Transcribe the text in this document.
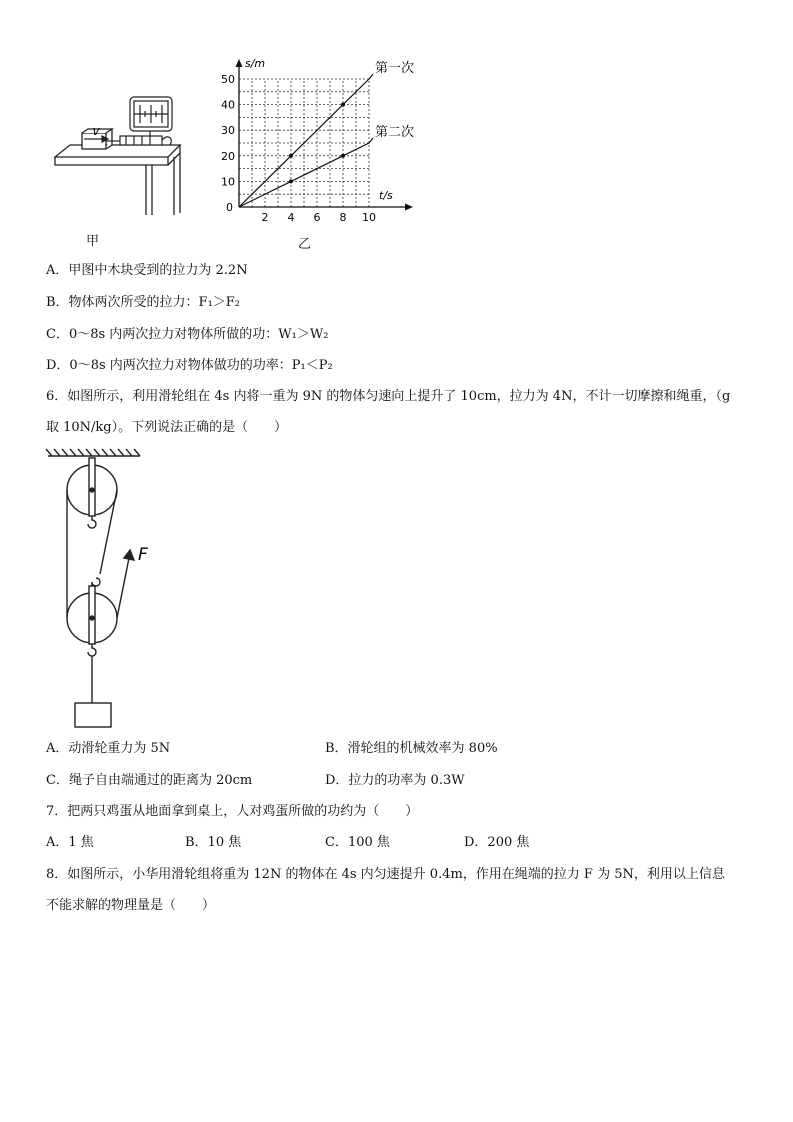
v
甲
2 4 6 8 10
10
20
30
40
50
0
s/m
t/s
第一次
第二次
乙
A．甲图中木块受到的拉力为 2.2N
B．物体两次所受的拉力：F₁＞F₂
C．0～8s 内两次拉力对物体所做的功：W₁＞W₂
D．0～8s 内两次拉力对物体做功的功率：P₁＜P₂
6．如图所示，利用滑轮组在 4s 内将一重为 9N 的物体匀速向上提升了 10cm，拉力为 4N，不计一切摩擦和绳重，（g
取 10N/kg）。下列说法正确的是（　　）
F
A．动滑轮重力为 5N	B．滑轮组的机械效率为 80%
C．绳子自由端通过的距离为 20cm	D．拉力的功率为 0.3W
7．把两只鸡蛋从地面拿到桌上，人对鸡蛋所做的功约为（　　）
A．1 焦	B．10 焦	C．100 焦	D．200 焦
8．如图所示，小华用滑轮组将重为 12N 的物体在 4s 内匀速提升 0.4m，作用在绳端的拉力 F 为 5N，利用以上信息
不能求解的物理量是（　　）
